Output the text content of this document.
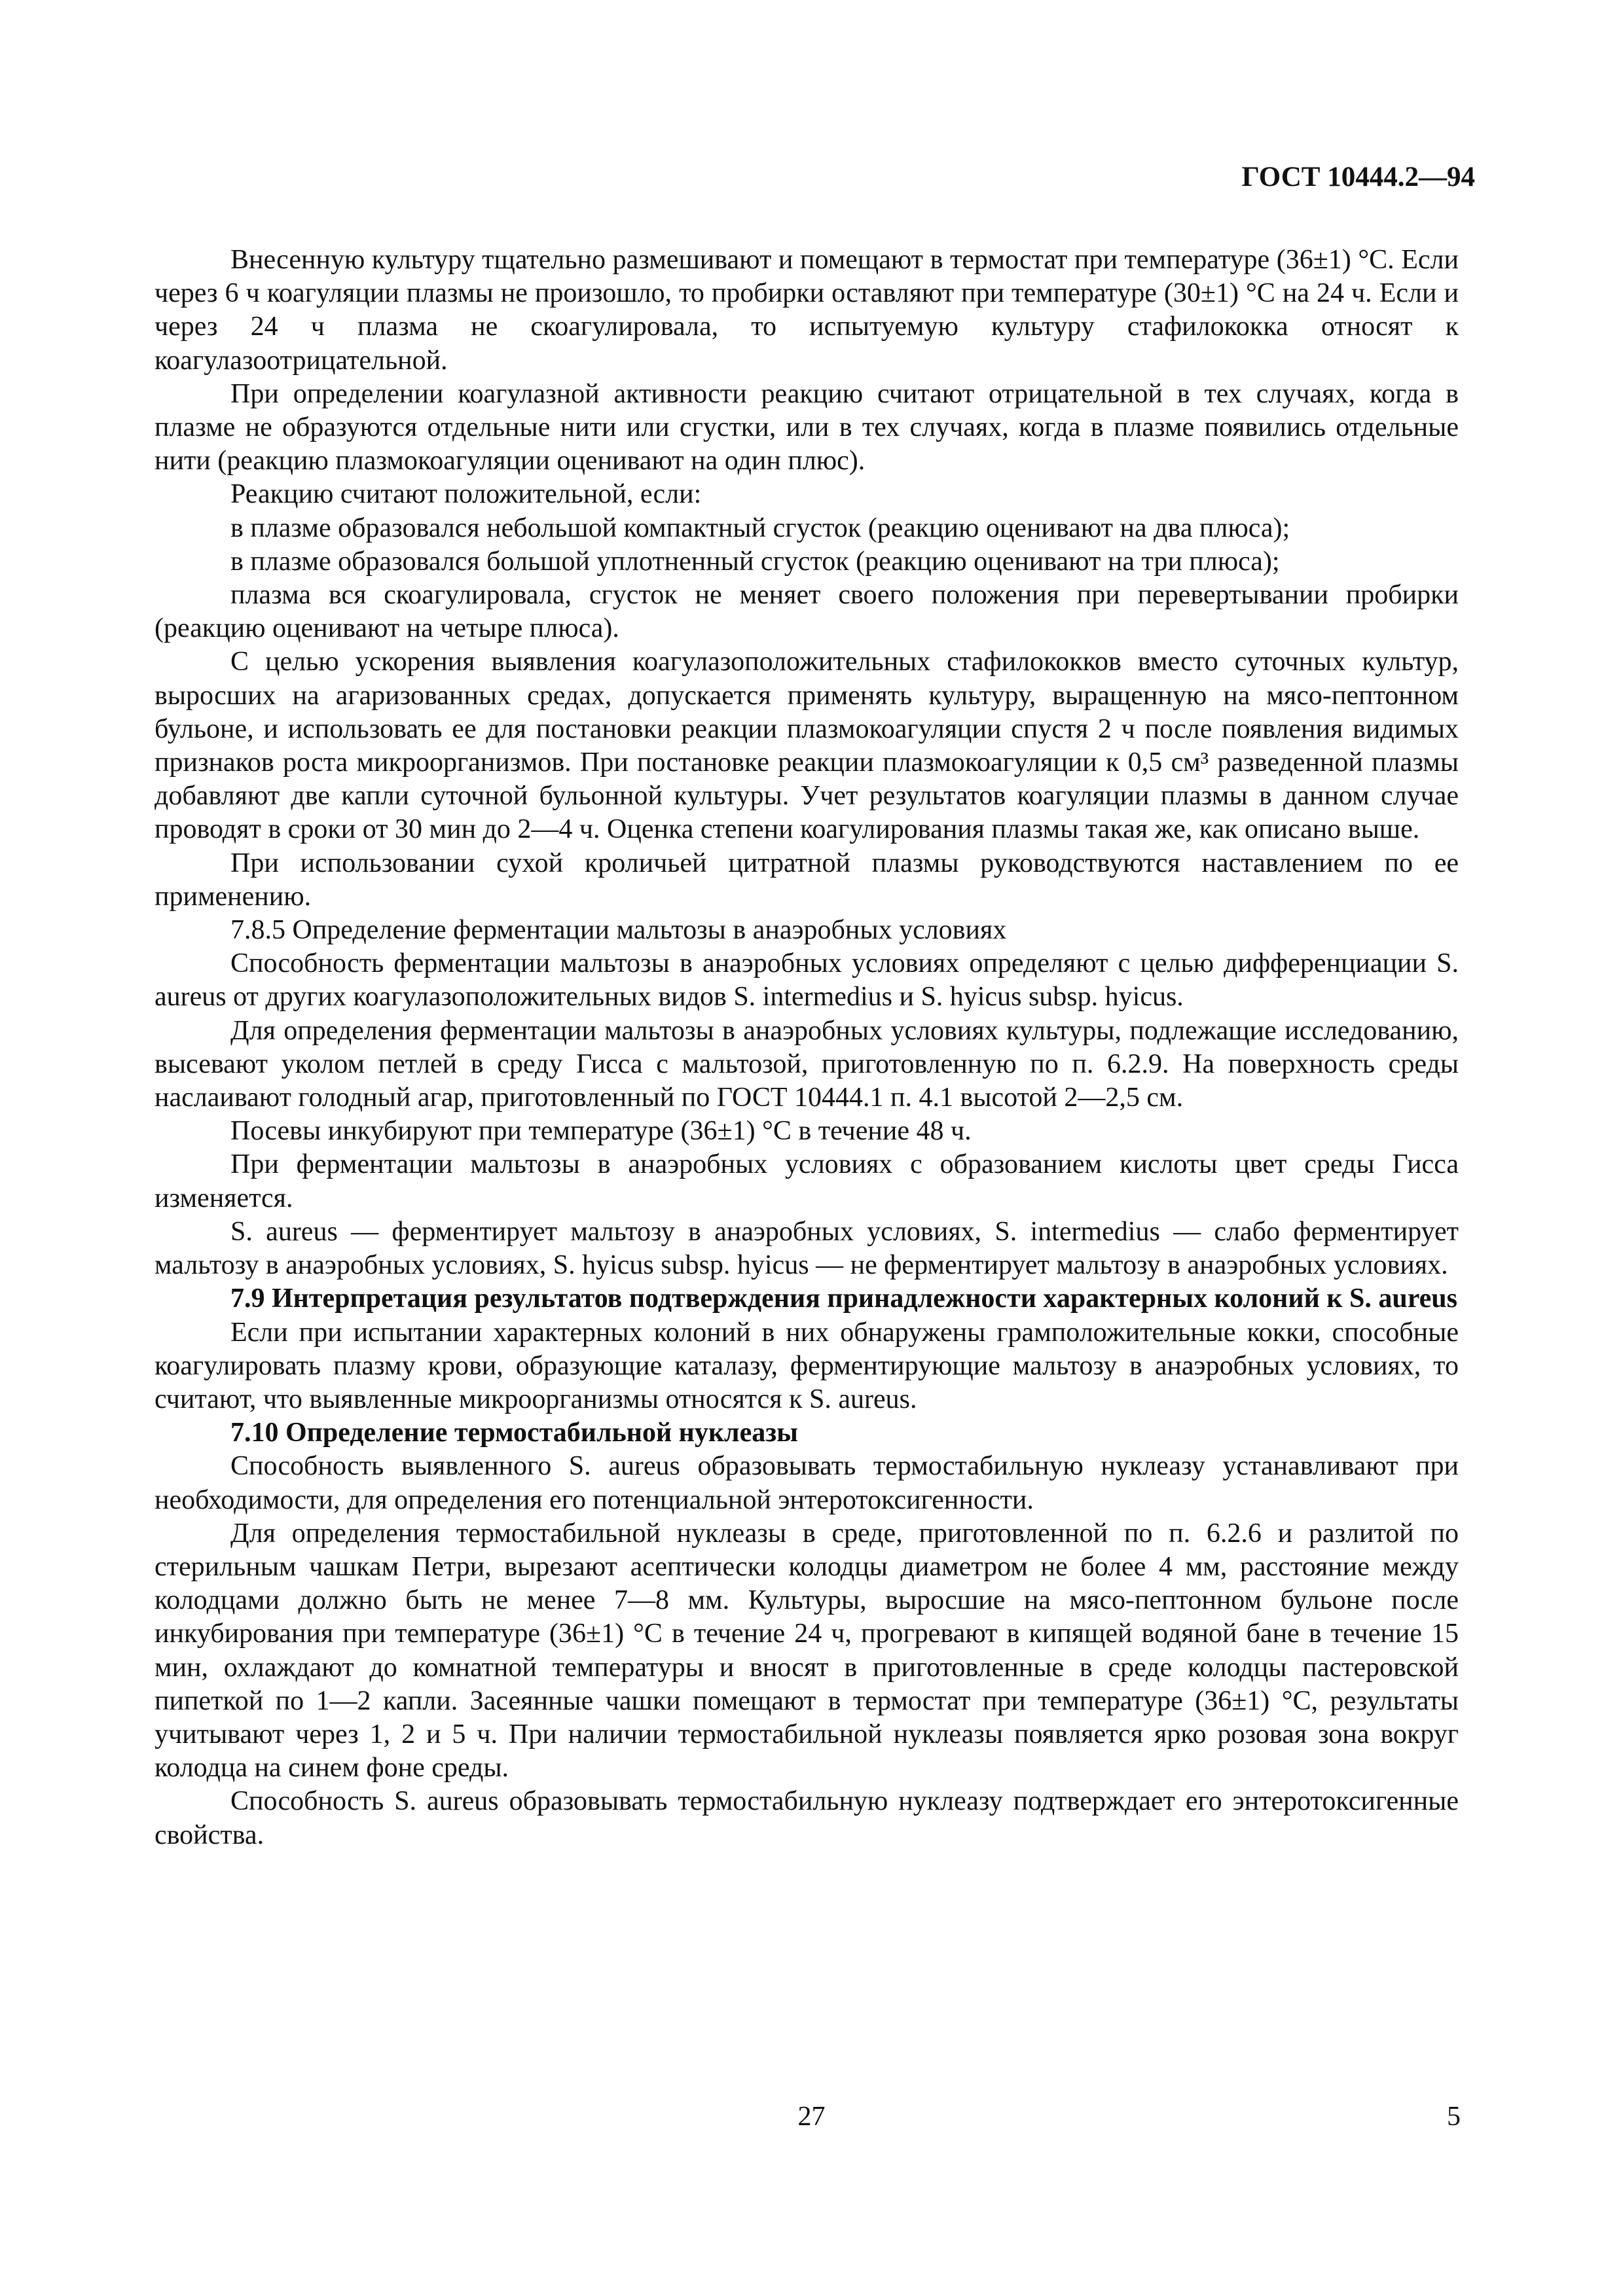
ГОСТ 10444.2—94

Внесенную культуру тщательно размешивают и помещают в термостат при температуре (36±1) °С. Если через 6 ч коагуляции плазмы не произошло, то пробирки оставляют при температуре (30±1) °С на 24 ч. Если и через 24 ч плазма не скоагулировала, то испытуемую культуру стафилококка относят к коагулазоотрицательной.

При определении коагулазной активности реакцию считают отрицательной в тех случаях, когда в плазме не образуются отдельные нити или сгустки, или в тех случаях, когда в плазме появились отдельные нити (реакцию плазмокоагуляции оценивают на один плюс).

Реакцию считают положительной, если:

в плазме образовался небольшой компактный сгусток (реакцию оценивают на два плюса);

в плазме образовался большой уплотненный сгусток (реакцию оценивают на три плюса);

плазма вся скоагулировала, сгусток не меняет своего положения при перевертывании пробирки (реакцию оценивают на четыре плюса).

С целью ускорения выявления коагулазоположительных стафилококков вместо суточных культур, выросших на агаризованных средах, допускается применять культуру, выращенную на мясо-пептонном бульоне, и использовать ее для постановки реакции плазмокоагуляции спустя 2 ч после появления видимых признаков роста микроорганизмов. При постановке реакции плазмокоагуляции к 0,5 см³ разведенной плазмы добавляют две капли суточной бульонной культуры. Учет результатов коагуляции плазмы в данном случае проводят в сроки от 30 мин до 2—4 ч. Оценка степени коагулирования плазмы такая же, как описано выше.

При использовании сухой кроличьей цитратной плазмы руководствуются наставлением по ее применению.

7.8.5 Определение ферментации мальтозы в анаэробных условиях

Способность ферментации мальтозы в анаэробных условиях определяют с целью дифференциации S. aureus от других коагулазоположительных видов S. intermedius и S. hyicus subsp. hyicus.

Для определения ферментации мальтозы в анаэробных условиях культуры, подлежащие исследованию, высевают уколом петлей в среду Гисса с мальтозой, приготовленную по п. 6.2.9. На поверхность среды наслаивают голодный агар, приготовленный по ГОСТ 10444.1 п. 4.1 высотой 2—2,5 см.

Посевы инкубируют при температуре (36±1) °С в течение 48 ч.

При ферментации мальтозы в анаэробных условиях с образованием кислоты цвет среды Гисса изменяется.

S. aureus — ферментирует мальтозу в анаэробных условиях, S. intermedius — слабо ферментирует мальтозу в анаэробных условиях, S. hyicus subsp. hyicus — не ферментирует мальтозу в анаэробных условиях.

7.9 Интерпретация результатов подтверждения принадлежности характерных колоний к S. aureus

Если при испытании характерных колоний в них обнаружены грамположительные кокки, способные коагулировать плазму крови, образующие каталазу, ферментирующие мальтозу в анаэробных условиях, то считают, что выявленные микроорганизмы относятся к S. aureus.

7.10 Определение термостабильной нуклеазы

Способность выявленного S. aureus образовывать термостабильную нуклеазу устанавливают при необходимости, для определения его потенциальной энтеротоксигенности.

Для определения термостабильной нуклеазы в среде, приготовленной по п. 6.2.6 и разлитой по стерильным чашкам Петри, вырезают асептически колодцы диаметром не более 4 мм, расстояние между колодцами должно быть не менее 7—8 мм. Культуры, выросшие на мясо-пептонном бульоне после инкубирования при температуре (36±1) °С в течение 24 ч, прогревают в кипящей водяной бане в течение 15 мин, охлаждают до комнатной температуры и вносят в приготовленные в среде колодцы пастеровской пипеткой по 1—2 капли. Засеянные чашки помещают в термостат при температуре (36±1) °С, результаты учитывают через 1, 2 и 5 ч. При наличии термостабильной нуклеазы появляется ярко розовая зона вокруг колодца на синем фоне среды.

Способность S. aureus образовывать термостабильную нуклеазу подтверждает его энтеротоксигенные свойства.

27	5
